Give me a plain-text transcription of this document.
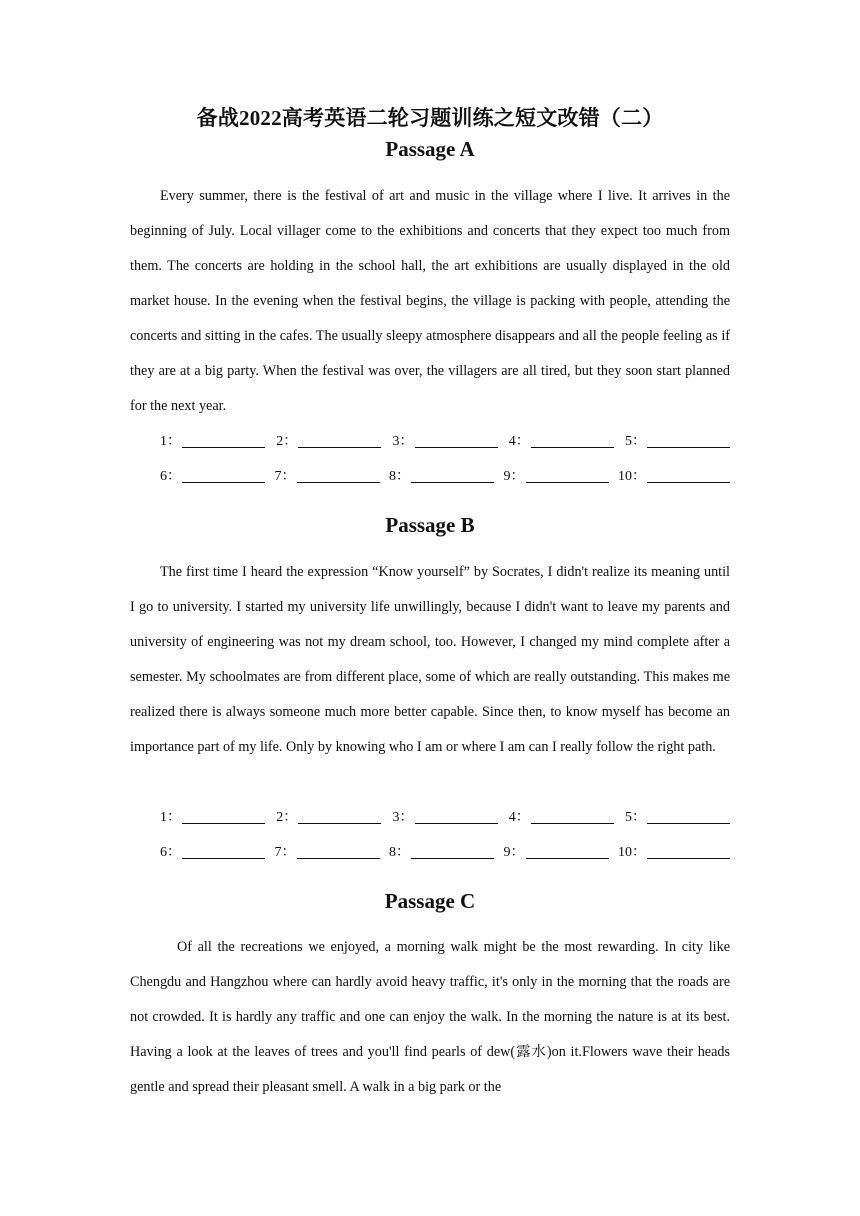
备战2022高考英语二轮习题训练之短文改错（二）
Passage A

Every summer, there is the festival of art and music in the village where I live. It arrives in the beginning of July. Local villager come to the exhibitions and concerts that they expect too much from them. The concerts are holding in the school hall, the art exhibitions are usually displayed in the old market house. In the evening when the festival begins, the village is packing with people, attending the concerts and sitting in the cafes. The usually sleepy atmosphere disappears and all the people feeling as if they are at a big party. When the festival was over, the villagers are all tired, but they soon start planned for the next year.

1：	2：	3：	4：	5：
6：	7：	8：	9：	10：
Passage B

The first time I heard the expression “Know yourself” by Socrates, I didn't realize its meaning until I go to university. I started my university life unwillingly, because I didn't want to leave my parents and university of engineering was not my dream school, too. However, I changed my mind complete after a semester. My schoolmates are from different place, some of which are really outstanding. This makes me realized there is always someone much more better capable. Since then, to know myself has become an importance part of my life. Only by knowing who I am or where I am can I really follow the right path.

1：	2：	3：	4：	5：
6：	7：	8：	9：	10：
Passage C

Of all the recreations we enjoyed, a morning walk might be the most rewarding. In city like Chengdu and Hangzhou where can hardly avoid heavy traffic, it's only in the morning that the roads are not crowded. It is hardly any traffic and one can enjoy the walk. In the morning the nature is at its best. Having a look at the leaves of trees and you'll find pearls of dew(露水)on it.Flowers wave their heads gentle and spread their pleasant smell. A walk in a big park or the
